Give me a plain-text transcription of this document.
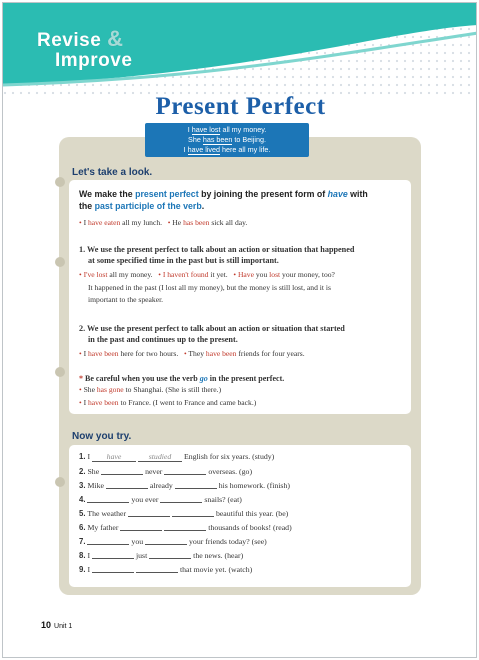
Revise &
Improve
Present Perfect
I have lost all my money.
She has been to Beijing.
I have lived here all my life.
Let's take a look.
We make the present perfect by joining the present form of have with
the past participle of the verb.
• I have eaten all my lunch. • He has been sick all day.
1. We use the present perfect to talk about an action or situation that happened
at some specified time in the past but is still important.
• I've lost all my money. • I haven't found it yet. • Have you lost your money, too?
It happened in the past (I lost all my money), but the money is still lost, and it is
important to the speaker.
2. We use the present perfect to talk about an action or situation that started
in the past and continues up to the present.
• I have been here for two hours. • They have been friends for four years.
* Be careful when you use the verb go in the present perfect.
• She has gone to Shanghai. (She is still there.)
• I have been to France. (I went to France and came back.)
Now you try.
1. I have	studied English for six years. (study)
2. She	never	overseas. (go)
3. Mike	already	his homework. (finish)
4.	you ever	snails? (eat)
5. The weather	beautiful this year. (be)
6. My father	thousands of books! (read)
7.	you	your friends today? (see)
8. I	just	the news. (hear)
9. I	that movie yet. (watch)
10 Unit 1
